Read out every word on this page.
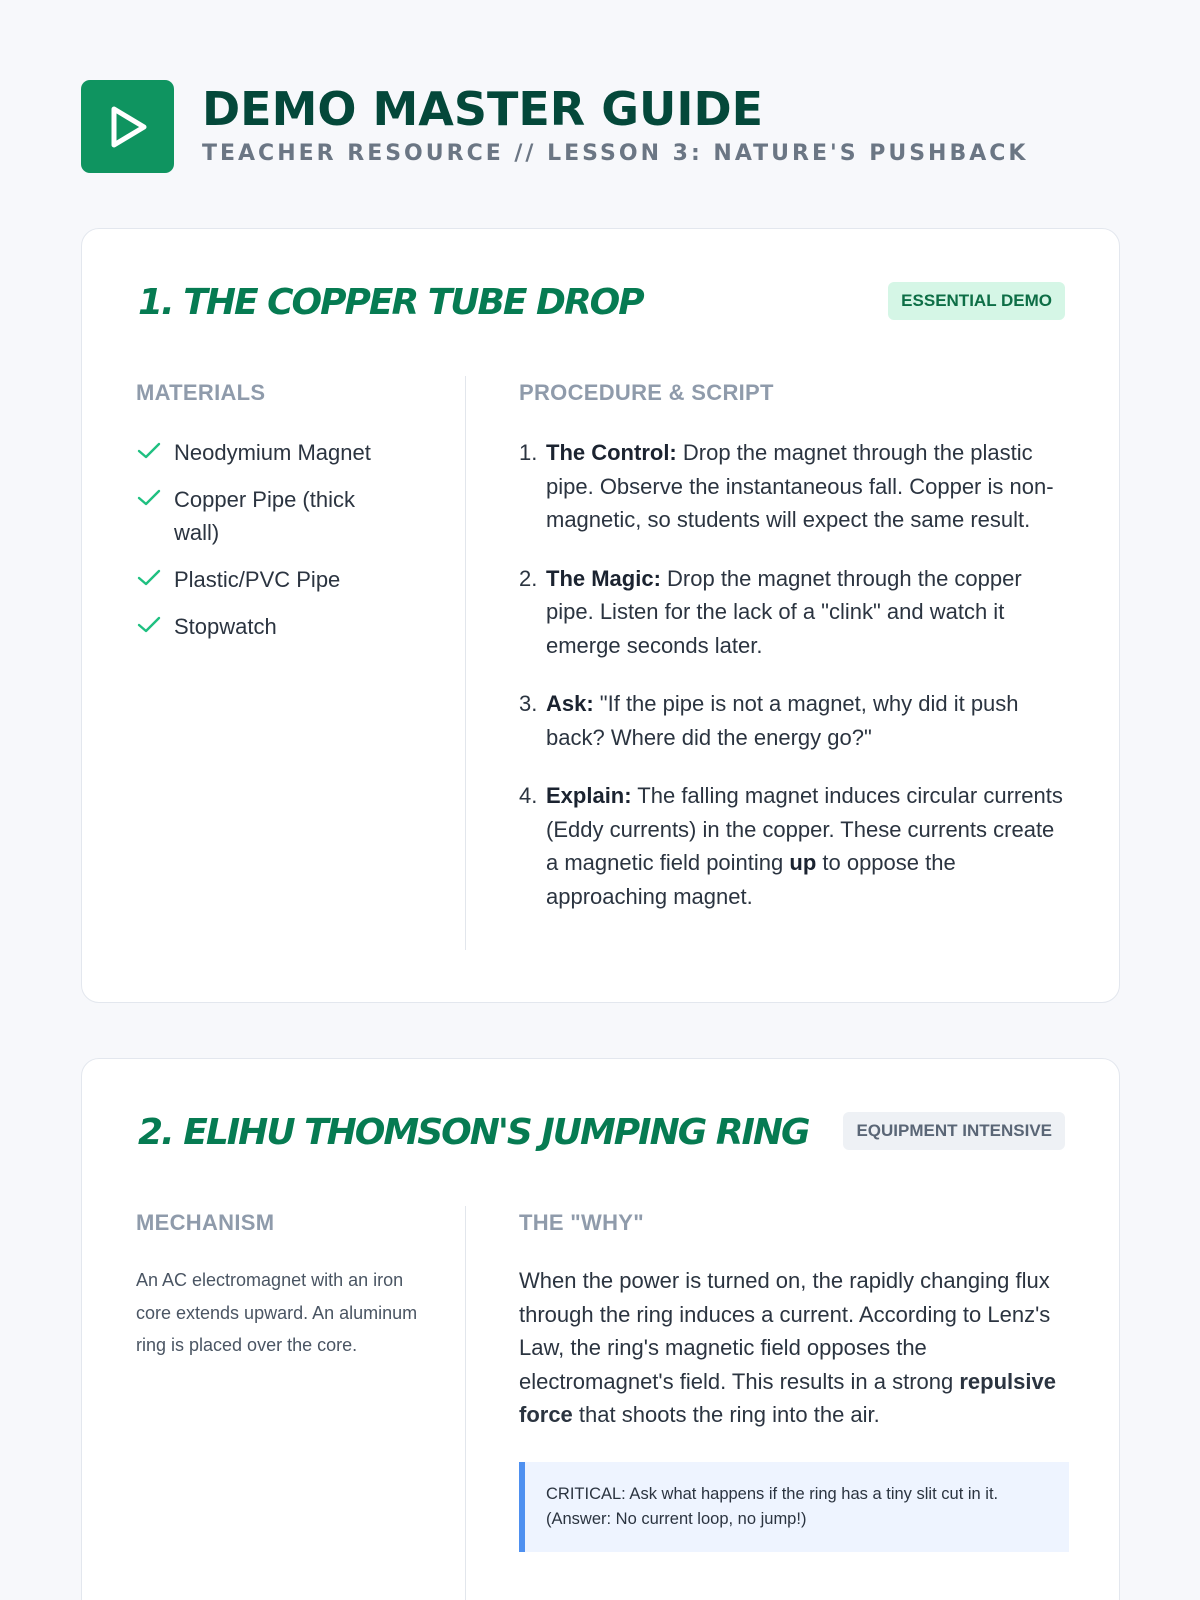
DEMO MASTER GUIDE
TEACHER RESOURCE // LESSON 3: NATURE'S PUSHBACK
1. THE COPPER TUBE DROP	ESSENTIAL DEMO
MATERIALS
Neodymium Magnet
Copper Pipe (thick wall)
Plastic/PVC Pipe
Stopwatch
PROCEDURE & SCRIPT
1. The Control: Drop the magnet through the plastic pipe. Observe the instantaneous fall. Copper is non-magnetic, so students will expect the same result.
2. The Magic: Drop the magnet through the copper pipe. Listen for the lack of a "clink" and watch it emerge seconds later.
3. Ask: "If the pipe is not a magnet, why did it push back? Where did the energy go?"
4. Explain: The falling magnet induces circular currents (Eddy currents) in the copper. These currents create a magnetic field pointing up to oppose the approaching magnet.
2. ELIHU THOMSON'S JUMPING RING	EQUIPMENT INTENSIVE
MECHANISM

An AC electromagnet with an iron core extends upward. An aluminum ring is placed over the core.

THE "WHY"

When the power is turned on, the rapidly changing flux through the ring induces a current. According to Lenz's Law, the ring's magnetic field opposes the electromagnet's field. This results in a strong repulsive force that shoots the ring into the air.

CRITICAL: Ask what happens if the ring has a tiny slit cut in it. (Answer: No current loop, no jump!)
